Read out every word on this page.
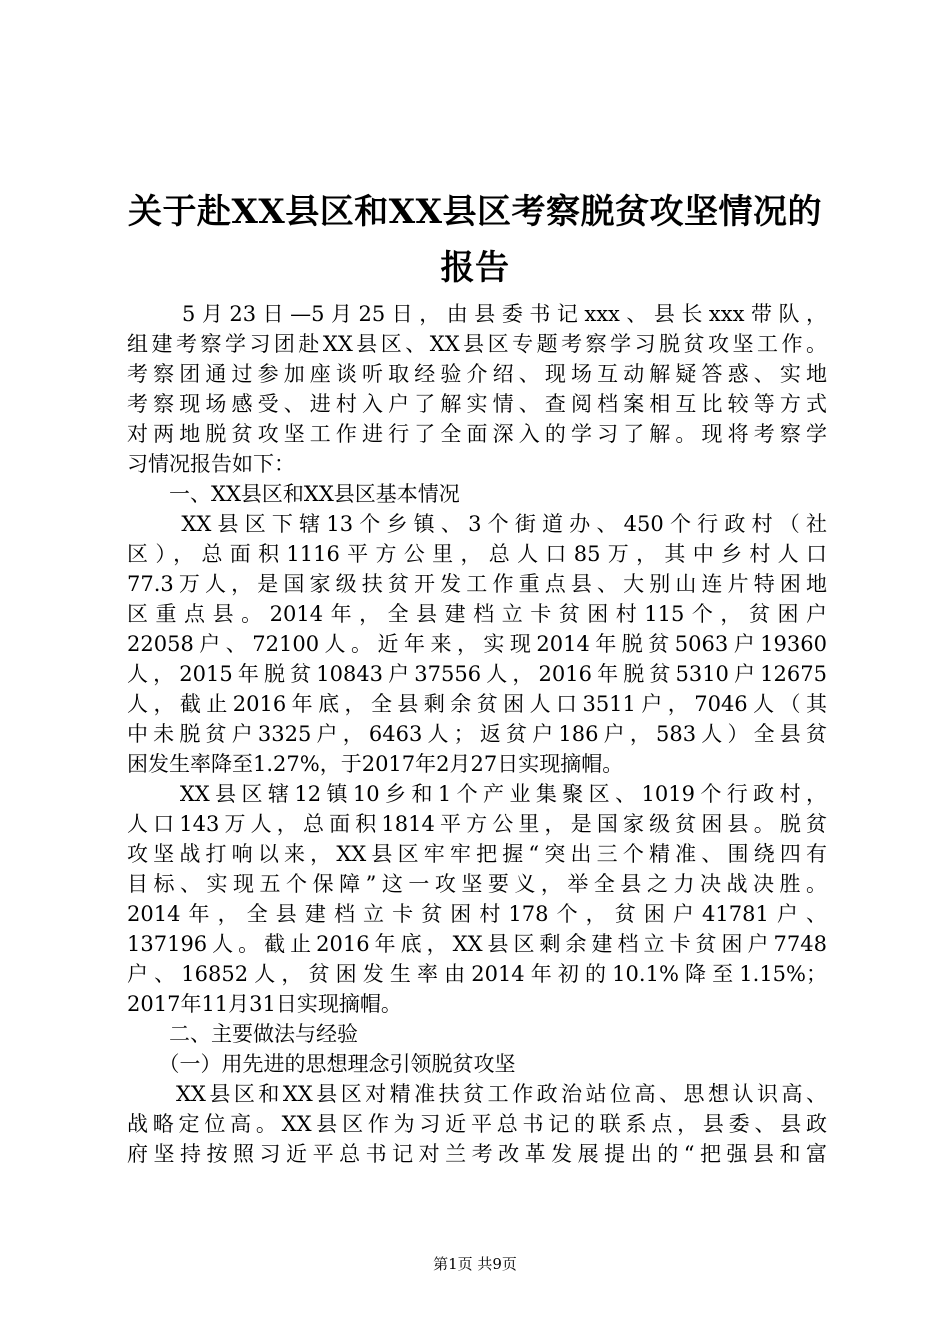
关于赴XX县区和XX县区考察脱贫攻坚情况的
报告
　　5月23日—5月25日，由县委书记xxx、县长xxx带队，
组建考察学习团赴XX县区、XX县区专题考察学习脱贫攻坚工作。
考察团通过参加座谈听取经验介绍、现场互动解疑答惑、实地
考察现场感受、进村入户了解实情、查阅档案相互比较等方式
对两地脱贫攻坚工作进行了全面深入的学习了解。现将考察学
习情况报告如下：
　　一、XX县区和XX县区基本情况
　　XX县区下辖13个乡镇、3个街道办、450个行政村（社
区），总面积1116平方公里，总人口85万，其中乡村人口
77.3万人，是国家级扶贫开发工作重点县、大别山连片特困地
区重点县。2014年，全县建档立卡贫困村115个，贫困户
22058户、72100人。近年来，实现2014年脱贫5063户19360
人，2015年脱贫10843户37556人，2016年脱贫5310户12675
人，截止2016年底，全县剩余贫困人口3511户，7046人（其
中未脱贫户3325户，6463人；返贫户186户，583人）全县贫
困发生率降至1.27%，于2017年2月27日实现摘帽。
　　XX县区辖12镇10乡和1个产业集聚区、1019个行政村，
人口143万人，总面积1814平方公里，是国家级贫困县。脱贫
攻坚战打响以来，XX县区牢牢把握“突出三个精准、围绕四有
目标、实现五个保障”这一攻坚要义，举全县之力决战决胜。
2014年，全县建档立卡贫困村178个，贫困户41781户、
137196人。截止2016年底，XX县区剩余建档立卡贫困户7748
户、16852人，贫困发生率由2014年初的10.1%降至1.15%；
2017年11月31日实现摘帽。
　　二、主要做法与经验
　　（一）用先进的思想理念引领脱贫攻坚
　　XX县区和XX县区对精准扶贫工作政治站位高、思想认识高、
战略定位高。XX县区作为习近平总书记的联系点，县委、县政
府坚持按照习近平总书记对兰考改革发展提出的“把强县和富
第1页 共9页
